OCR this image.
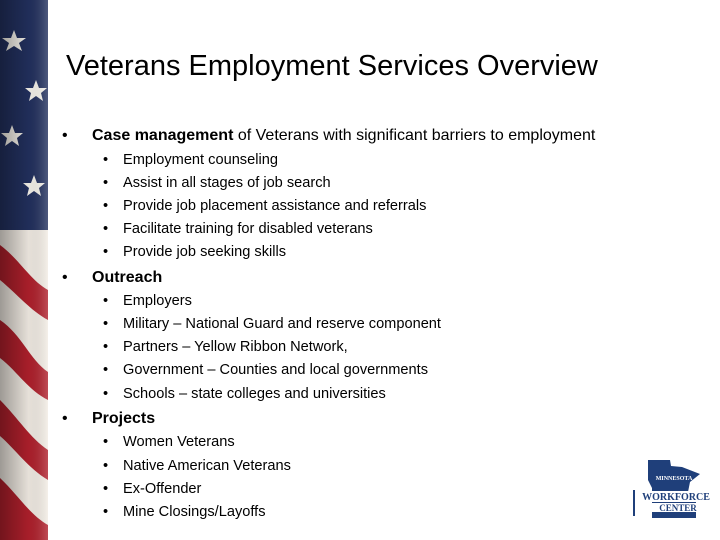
Veterans Employment Services Overview
• Case management of Veterans with significant barriers to employment
• Employment counseling
• Assist in all stages of job search
• Provide job placement assistance and referrals
• Facilitate training for disabled veterans
• Provide job seeking skills
• Outreach
• Employers
• Military – National Guard and reserve component
• Partners – Yellow Ribbon Network,
• Government – Counties and local governments
• Schools – state colleges and universities
• Projects
• Women Veterans
• Native American Veterans
• Ex-Offender
• Mine Closings/Layoffs
MINNESOTA
WORKFORCE
CENTER
